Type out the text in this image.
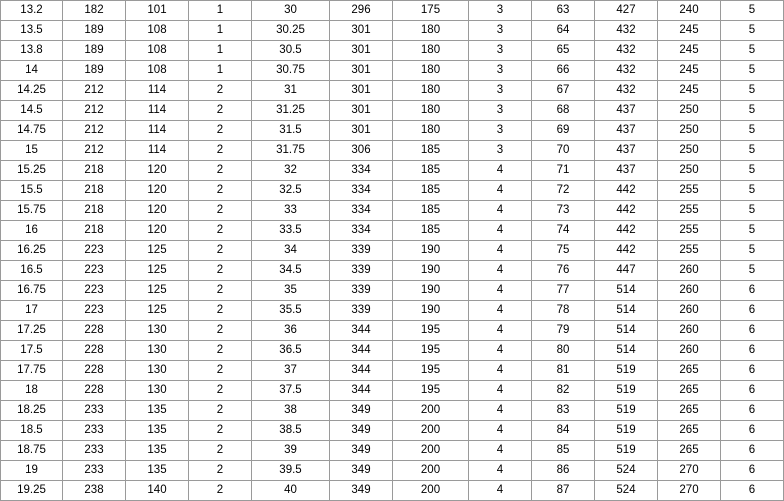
13.2	182	101	1	30	296	175	3	63	427	240	5
13.5	189	108	1	30.25	301	180	3	64	432	245	5
13.8	189	108	1	30.5	301	180	3	65	432	245	5
14	189	108	1	30.75	301	180	3	66	432	245	5
14.25	212	114	2	31	301	180	3	67	432	245	5
14.5	212	114	2	31.25	301	180	3	68	437	250	5
14.75	212	114	2	31.5	301	180	3	69	437	250	5
15	212	114	2	31.75	306	185	3	70	437	250	5
15.25	218	120	2	32	334	185	4	71	437	250	5
15.5	218	120	2	32.5	334	185	4	72	442	255	5
15.75	218	120	2	33	334	185	4	73	442	255	5
16	218	120	2	33.5	334	185	4	74	442	255	5
16.25	223	125	2	34	339	190	4	75	442	255	5
16.5	223	125	2	34.5	339	190	4	76	447	260	5
16.75	223	125	2	35	339	190	4	77	514	260	6
17	223	125	2	35.5	339	190	4	78	514	260	6
17.25	228	130	2	36	344	195	4	79	514	260	6
17.5	228	130	2	36.5	344	195	4	80	514	260	6
17.75	228	130	2	37	344	195	4	81	519	265	6
18	228	130	2	37.5	344	195	4	82	519	265	6
18.25	233	135	2	38	349	200	4	83	519	265	6
18.5	233	135	2	38.5	349	200	4	84	519	265	6
18.75	233	135	2	39	349	200	4	85	519	265	6
19	233	135	2	39.5	349	200	4	86	524	270	6
19.25	238	140	2	40	349	200	4	87	524	270	6
